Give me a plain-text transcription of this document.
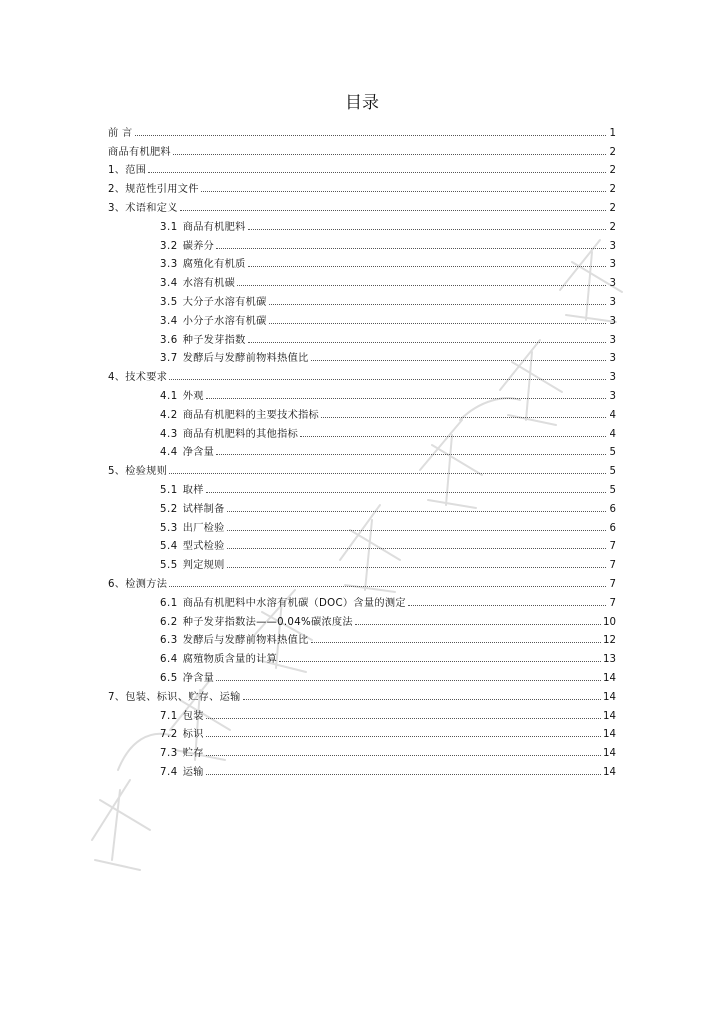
目录
前 言	1
商品有机肥料	2
1、范围	2
2、规范性引用文件	2
3、术语和定义	2
3.1 商品有机肥料	2
3.2 碳养分	3
3.3 腐殖化有机质	3
3.4 水溶有机碳	3
3.5 大分子水溶有机碳	3
3.4 小分子水溶有机碳	3
3.6 种子发芽指数	3
3.7 发酵后与发酵前物料热值比	3
4、技术要求	3
4.1 外观	3
4.2 商品有机肥料的主要技术指标	4
4.3 商品有机肥料的其他指标	4
4.4 净含量	5
5、检验规则	5
5.1 取样	5
5.2 试样制备	6
5.3 出厂检验	6
5.4 型式检验	7
5.5 判定规则	7
6、检测方法	7
6.1 商品有机肥料中水溶有机碳（DOC）含量的测定	7
6.2 种子发芽指数法——0.04%碳浓度法	10
6.3 发酵后与发酵前物料热值比	12
6.4 腐殖物质含量的计算	13
6.5 净含量	14
7、包装、标识、贮存、运输	14
7.1 包装	14
7.2 标识	14
7.3 贮存	14
7.4 运输	14
